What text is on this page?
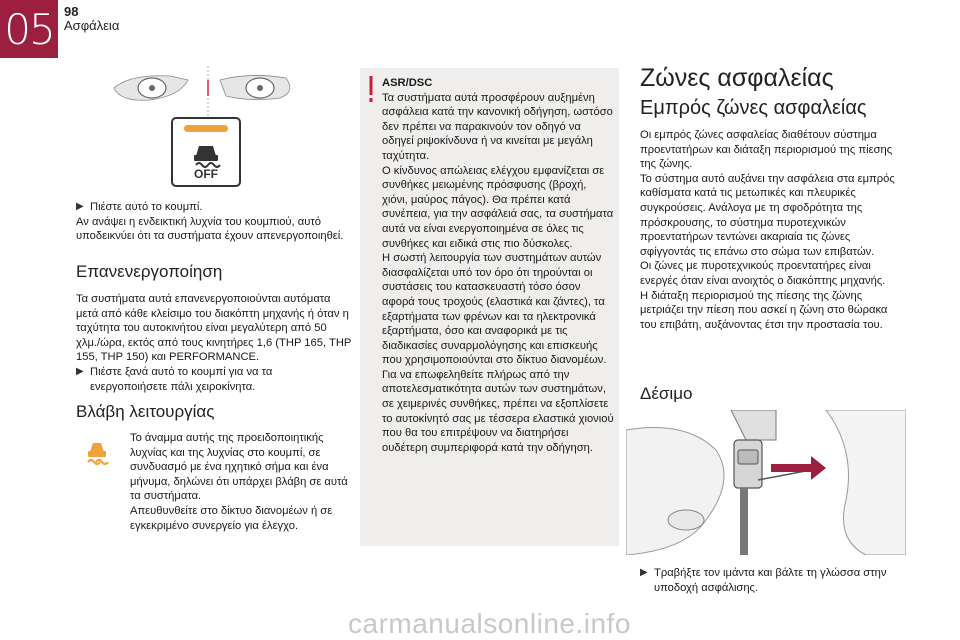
05 98
Ασφάλεια
OFF
▶︎ Πιέστε αυτό το κουμπί.
Αν ανάψει η ενδεικτική λυχνία του κουμπιού, αυτό υποδεικνύει ότι τα συστήματα έχουν απενεργοποιηθεί.
Επανενεργοποίηση
Τα συστήματα αυτά επανενεργοποιούνται αυτόματα μετά από κάθε κλείσιμο του διακόπτη μηχανής ή όταν η ταχύτητα του αυτοκινήτου είναι μεγαλύτερη από 50 χλμ./ώρα, εκτός από τους κινητήρες 1,6 (THP 165, THP 155, THP 150) και PERFORMANCE.
▶︎ Πιέστε ξανά αυτό το κουμπί για να τα ενεργοποιήσετε πάλι χειροκίνητα.
Βλάβη λειτουργίας
Το άναμμα αυτής της προειδοποιητικής λυχνίας και της λυχνίας στο κουμπί, σε συνδυασμό με ένα ηχητικό σήμα και ένα μήνυμα, δηλώνει ότι υπάρχει βλάβη σε αυτά τα συστήματα.
Απευθυνθείτε στο δίκτυο διανομέων ή σε εγκεκριμένο συνεργείο για έλεγχο.
ASR/DSC
Τα συστήματα αυτά προσφέρουν αυξημένη ασφάλεια κατά την κανονική οδήγηση, ωστόσο δεν πρέπει να παρακινούν τον οδηγό να οδηγεί ριψοκίνδυνα ή να κινείται με μεγάλη ταχύτητα.
Ο κίνδυνος απώλειας ελέγχου εμφανίζεται σε συνθήκες μειωμένης πρόσφυσης (βροχή, χιόνι, μαύρος πάγος). Θα πρέπει κατά συνέπεια, για την ασφάλειά σας, τα συστήματα αυτά να είναι ενεργοποιημένα σε όλες τις συνθήκες και ειδικά στις πιο δύσκολες.
Η σωστή λειτουργία των συστημάτων αυτών διασφαλίζεται υπό τον όρο ότι τηρούνται οι συστάσεις του κατασκευαστή τόσο όσον αφορά τους τροχούς (ελαστικά και ζάντες), τα εξαρτήματα των φρένων και τα ηλεκτρονικά εξαρτήματα, όσο και αναφορικά με τις διαδικασίες συναρμολόγησης και επισκευής που χρησιμοποιούνται στο δίκτυο διανομέων.
Για να επωφεληθείτε πλήρως από την αποτελεσματικότητα αυτών των συστημάτων, σε χειμερινές συνθήκες, πρέπει να εξοπλίσετε το αυτοκίνητό σας με τέσσερα ελαστικά χιονιού που θα του επιτρέψουν να διατηρήσει ουδέτερη συμπεριφορά κατά την οδήγηση.
Ζώνες ασφαλείας
Εμπρός ζώνες ασφαλείας
Οι εμπρός ζώνες ασφαλείας διαθέτουν σύστημα προεντατήρων και διάταξη περιορισμού της πίεσης της ζώνης.
Το σύστημα αυτό αυξάνει την ασφάλεια στα εμπρός καθίσματα κατά τις μετωπικές και πλευρικές συγκρούσεις. Ανάλογα με τη σφοδρότητα της πρόσκρουσης, το σύστημα πυροτεχνικών προεντατήρων τεντώνει ακαριαία τις ζώνες σφίγγοντάς τις επάνω στο σώμα των επιβατών.
Οι ζώνες με πυροτεχνικούς προεντατήρες είναι ενεργές όταν είναι ανοιχτός ο διακόπτης μηχανής.
Η διάταξη περιορισμού της πίεσης της ζώνης μετριάζει την πίεση που ασκεί η ζώνη στο θώρακα του επιβάτη, αυξάνοντας έτσι την προστασία του.
Δέσιμο
▶︎ Τραβήξτε τον ιμάντα και βάλτε τη γλώσσα στην υποδοχή ασφάλισης.
carmanualsonline.info
